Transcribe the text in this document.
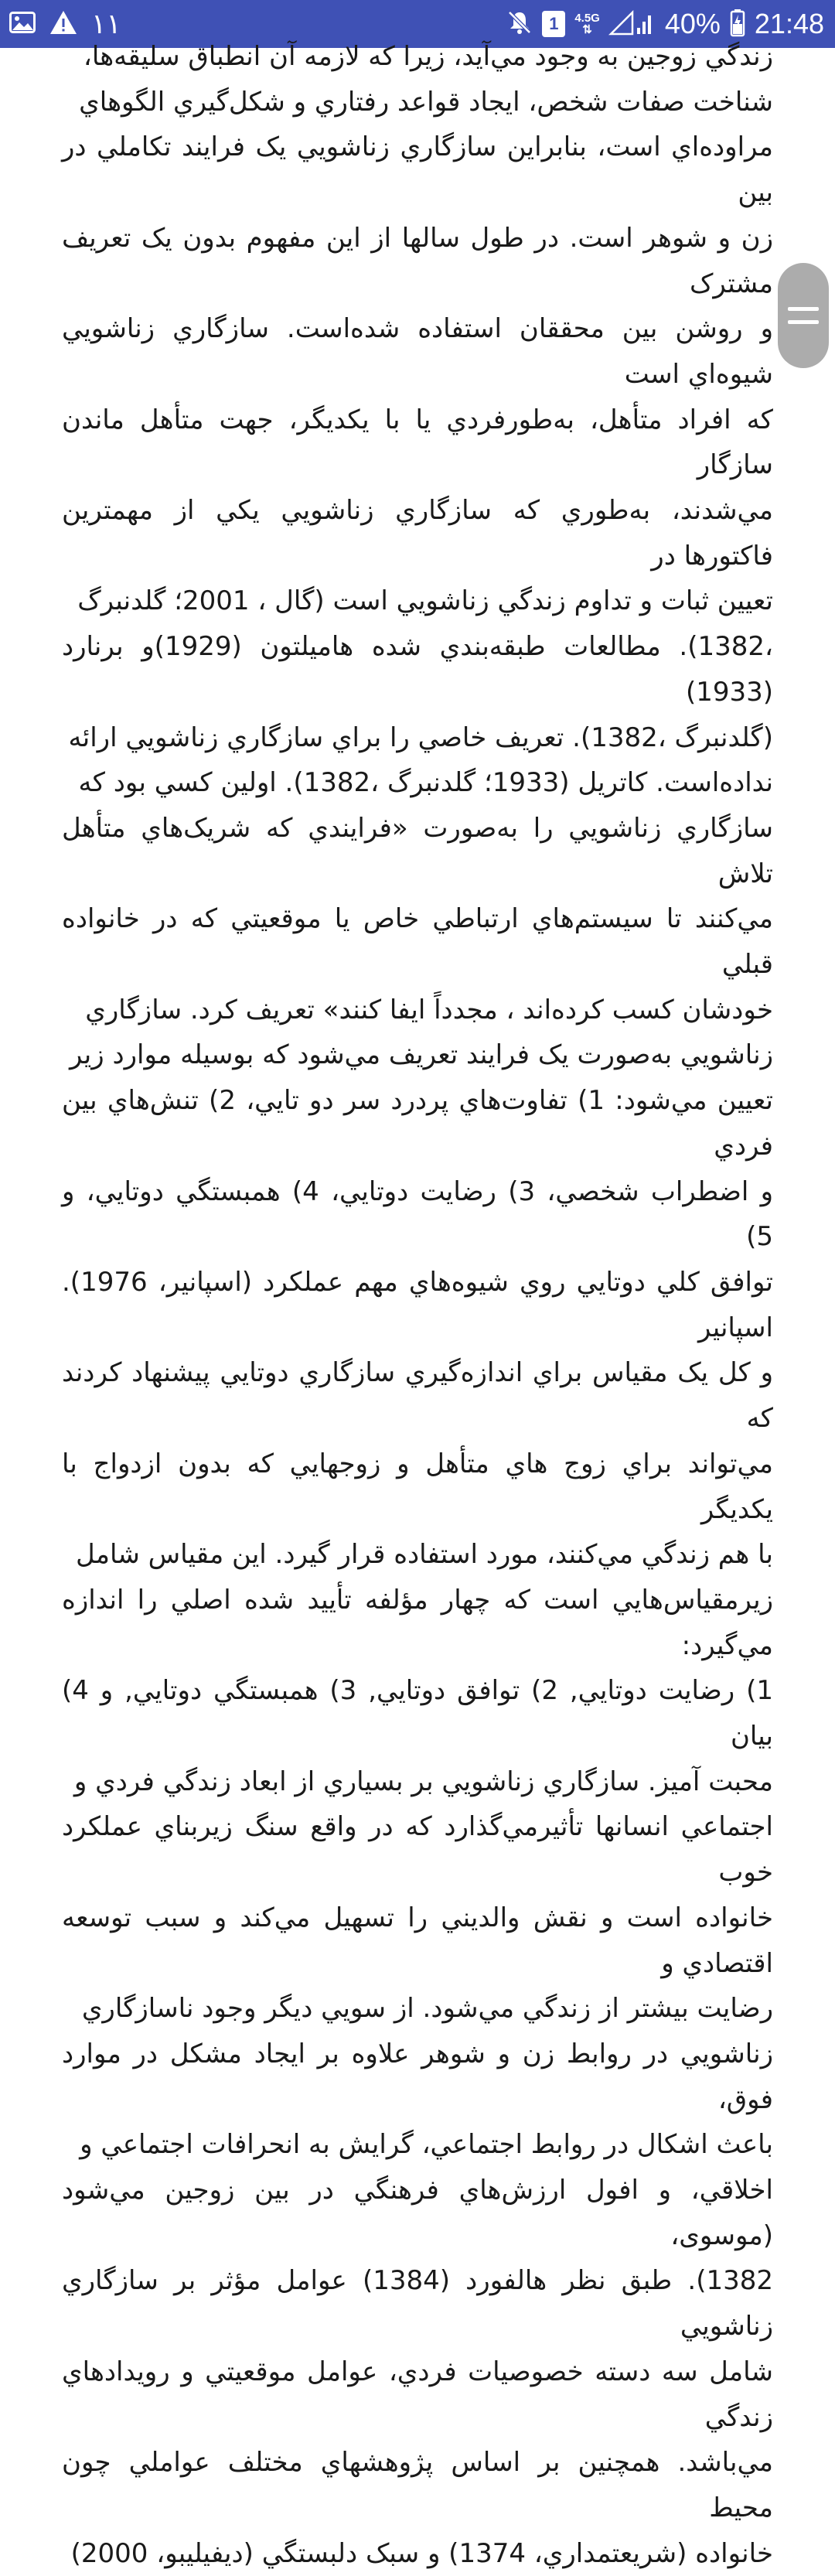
۱۱	1	4.5G
⇅	40% 21:48

زندگي زوجين به وجود مي‌آيد، زيرا كه لازمه آن انطباق سليقه‌ها،
شناخت صفات شخص، ايجاد قواعد رفتاري و شكل‌گيري الگوهاي
مراوده‌اي است، بنابراين سازگاري زناشويي يک فرايند تكاملي در بين
زن و شوهر است. در طول سالها از اين مفهوم بدون یک تعریف مشترک
و روشن بين محققان استفاده شده‌است. سازگاري زناشويي شيوه‌اي است
كه افراد متأهل، به‌طورفردي يا با يكديگر، جهت متأهل ماندن سازگار
مي‌شدند، به‌طوري كه سازگاري زناشويي يكي از مهمترين فاكتورها در
تعيين ثبات و تداوم زندگي زناشويي است (گال ، 2001؛ گلدنبرگ
،1382). مطالعات طبقه‌بندي شده هاميلتون (1929)و برنارد (1933)
(گلدنبرگ ،1382). تعريف خاصي را براي سازگاري زناشويي ارائه
نداده‌است. كاتريل (1933؛ گلدنبرگ ،1382). اولين كسي بود كه
سازگاري زناشويي را به‌صورت «فرايندي كه شريک‌هاي متأهل تلاش
مي‌كنند تا سيستم‌هاي ارتباطي خاص يا موقعيتي كه در خانواده قبلي
خودشان كسب كرده‌اند ، مجدداً ايفا كنند» تعريف كرد. سازگاري
زناشويي به‌صورت يک فرايند تعريف مي‌شود كه بوسيله موارد زير
تعيين مي‌شود: 1) تفاوت‌هاي پردرد سر دو تايي، 2) تنش‌هاي بين فردي
و اضطراب شخصي، 3) رضايت دوتايي، 4) همبستگي دوتايي، و 5)
توافق كلي دوتايي روي شيوه‌هاي مهم عملكرد (اسپانير، 1976). اسپانير
و كل یک مقياس براي اندازه‌گيري سازگاري دوتايي پيشنهاد كردند كه
مي‌تواند براي زوج هاي متأهل و زوجهايي كه بدون ازدواج با يكديگر
با هم زندگي مي‌كنند، مورد استفاده قرار گيرد. اين مقياس شامل
زيرمقياس‌هايي است كه چهار مؤلفه تأييد شده اصلي را اندازه مي‌گيرد:
1) رضايت دوتايي, 2) توافق دوتايي, 3) همبستگي دوتايي, و 4) بيان
محبت آميز. سازگاري زناشويي بر بسياري از ابعاد زندگي فردي و
اجتماعي انسانها تأثيرمي‌گذارد كه در واقع سنگ زيربناي عملكرد خوب
خانواده است و نقش والديني را تسهيل مي‌كند و سبب توسعه اقتصادي و
رضايت بيشتر از زندگي مي‌شود. از سويي ديگر وجود ناسازگاري
زناشويي در روابط زن و شوهر علاوه بر ايجاد مشكل در موارد فوق،
باعث اشكال در روابط اجتماعي، گرايش به انحرافات اجتماعي و
اخلاقي، و افول ارزش‌هاي فرهنگي در بين زوجين مي‌شود (موسوی،
1382). طبق نظر هالفورد (1384) عوامل مؤثر بر سازگاري زناشويي
شامل سه دسته خصوصيات فردي، عوامل موقعيتي و رويدادهاي زندگي
مي‌باشد. همچنين بر اساس پژوهشهاي مختلف عواملي چون محيط
خانواده (شريعتمداري، 1374) و سبک دلبستگي (ديفيليبو، 2000)
